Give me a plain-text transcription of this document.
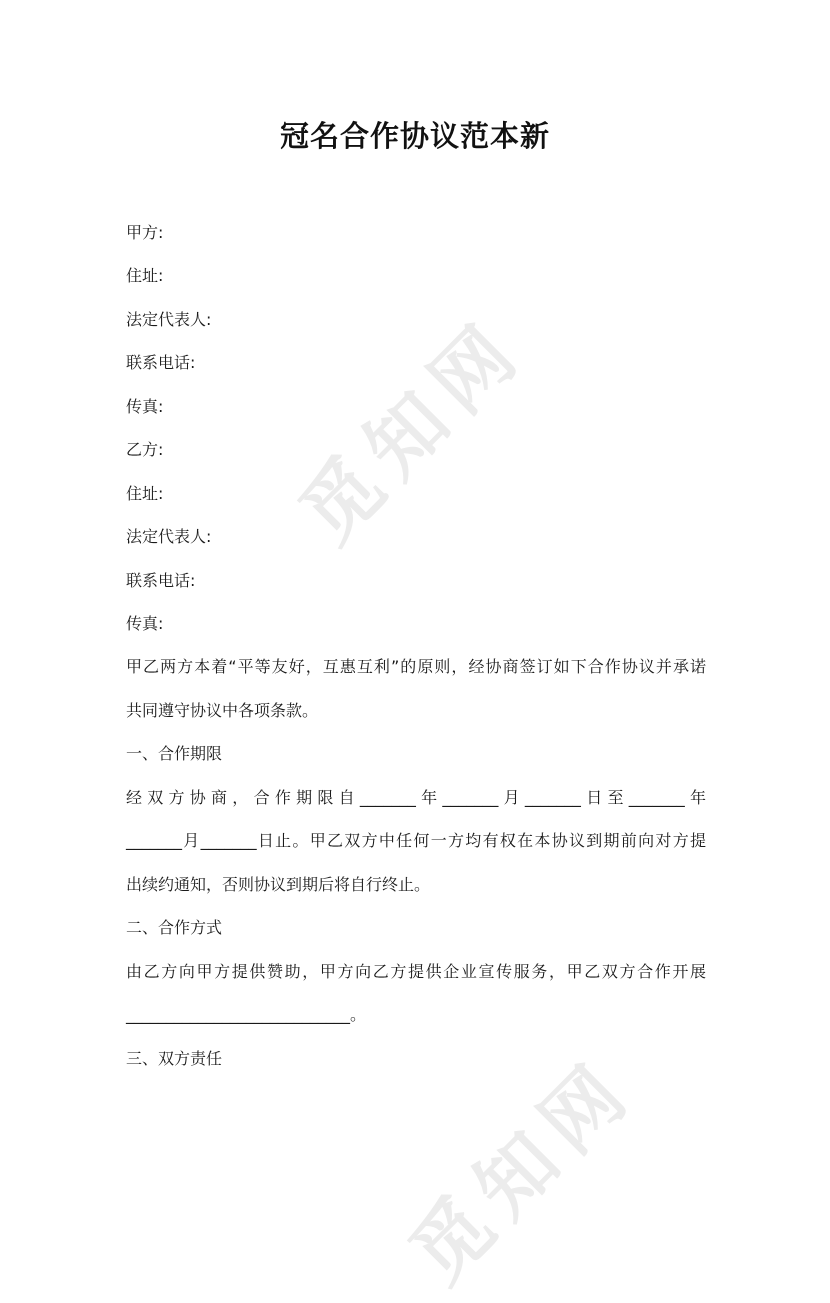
觅知网
觅知网
冠名合作协议范本新
甲方:
住址:
法定代表人:
联系电话:
传真:
乙方:
住址:
法定代表人:
联系电话:
传真:
甲乙两方本着“平等友好，互惠互利”的原则，经协商签订如下合作协议并承诺
共同遵守协议中各项条款。
一、合作期限
经双方协商，合作期限自_______年_______月_______日至_______年
_______月_______日止。甲乙双方中任何一方均有权在本协议到期前向对方提
出续约通知，否则协议到期后将自行终止。
二、合作方式
由乙方向甲方提供赞助，甲方向乙方提供企业宣传服务，甲乙双方合作开展
____________________________。
三、双方责任
